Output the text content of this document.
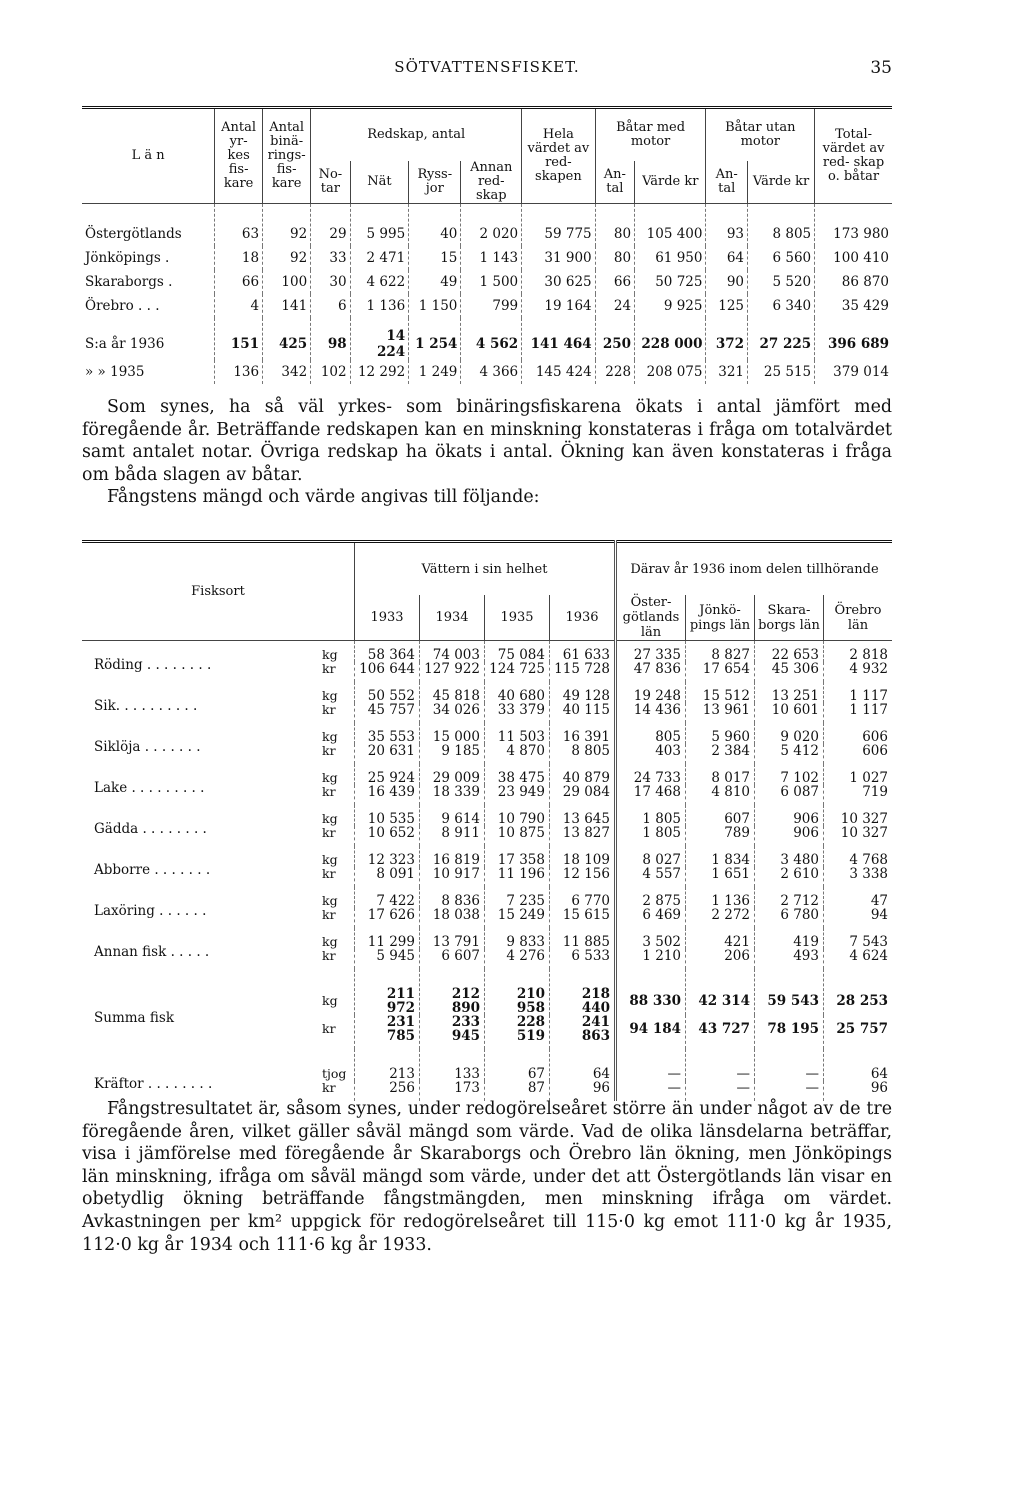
SÖTVATTENSFISKET.	35
L ä n	Antal yr- kes fis- kare	Antal binä- rings- fis- kare	Redskap, antal				Hela värdet av red- skapen	Båtar med motor		Båtar utan motor		Total- värdet av red- skap o. båtar
			No- tar	Nät	Ryss- jor	Annan red- skap		An- tal	Värde kr	An- tal	Värde kr	
Östergötlands	63	92	29	5 995	40	2 020	59 775	80	105 400	93	8 805	173 980
Jönköpings .	18	92	33	2 471	15	1 143	31 900	80	61 950	64	6 560	100 410
Skaraborgs .	66	100	30	4 622	49	1 500	30 625	66	50 725	90	5 520	86 870
Örebro . . .	4	141	6	1 136	1 150	799	19 164	24	9 925	125	6 340	35 429
S:a år 1936	151	425	98	14 224	1 254	4 562	141 464	250	228 000	372	27 225	396 689
» » 1935	136	342	102	12 292	1 249	4 366	145 424	228	208 075	321	25 515	379 014
Som synes, ha så väl yrkes- som binäringsfiskarena ökats i antal jämfört med föregående år. Beträffande redskapen kan en minskning konstateras i fråga om totalvärdet samt antalet notar. Övriga redskap ha ökats i antal. Ökning kan även konstateras i fråga om båda slagen av båtar.
Fångstens mängd och värde angivas till följande:
Fisksort		Vättern i sin helhet				Därav år 1936 inom delen tillhörande			
		1933	1934	1935	1936	Öster- götlands län	Jönkö- pings län	Skara- borgs län	Örebro län
Röding . . . . . . . .	kg	58 364	74 003	75 084	61 633	27 335	8 827	22 653	2 818
	kr	106 644	127 922	124 725	115 728	47 836	17 654	45 306	4 932
Sik. . . . . . . . . .	kg	50 552	45 818	40 680	49 128	19 248	15 512	13 251	1 117
	kr	45 757	34 026	33 379	40 115	14 436	13 961	10 601	1 117
Siklöja . . . . . . .	kg	35 553	15 000	11 503	16 391	805	5 960	9 020	606
	kr	20 631	9 185	4 870	8 805	403	2 384	5 412	606
Lake . . . . . . . . .	kg	25 924	29 009	38 475	40 879	24 733	8 017	7 102	1 027
	kr	16 439	18 339	23 949	29 084	17 468	4 810	6 087	719
Gädda . . . . . . . .	kg	10 535	9 614	10 790	13 645	1 805	607	906	10 327
	kr	10 652	8 911	10 875	13 827	1 805	789	906	10 327
Abborre . . . . . . .	kg	12 323	16 819	17 358	18 109	8 027	1 834	3 480	4 768
	kr	8 091	10 917	11 196	12 156	4 557	1 651	2 610	3 338
Laxöring . . . . . .	kg	7 422	8 836	7 235	6 770	2 875	1 136	2 712	47
	kr	17 626	18 038	15 249	15 615	6 469	2 272	6 780	94
Annan fisk . . . . .	kg	11 299	13 791	9 833	11 885	3 502	421	419	7 543
	kr	5 945	6 607	4 276	6 533	1 210	206	493	4 624
Summa fisk	kg	211 972	212 890	210 958	218 440	88 330	42 314	59 543	28 253
	kr	231 785	233 945	228 519	241 863	94 184	43 727	78 195	25 757
Kräftor . . . . . . . .	tjog	213	133	67	64	—	—	—	64
	kr	256	173	87	96	—	—	—	96
Fångstresultatet är, såsom synes, under redogörelseåret större än under något av de tre föregående åren, vilket gäller såväl mängd som värde. Vad de olika länsdelarna beträffar, visa i jämförelse med föregående år Skaraborgs och Örebro län ökning, men Jönköpings län minskning, ifråga om såväl mängd som värde, under det att Östergötlands län visar en obetydlig ökning beträffande fångstmängden, men minskning ifråga om värdet. Avkastningen per km² uppgick för redogörelseåret till 115·0 kg emot 111·0 kg år 1935, 112·0 kg år 1934 och 111·6 kg år 1933.
